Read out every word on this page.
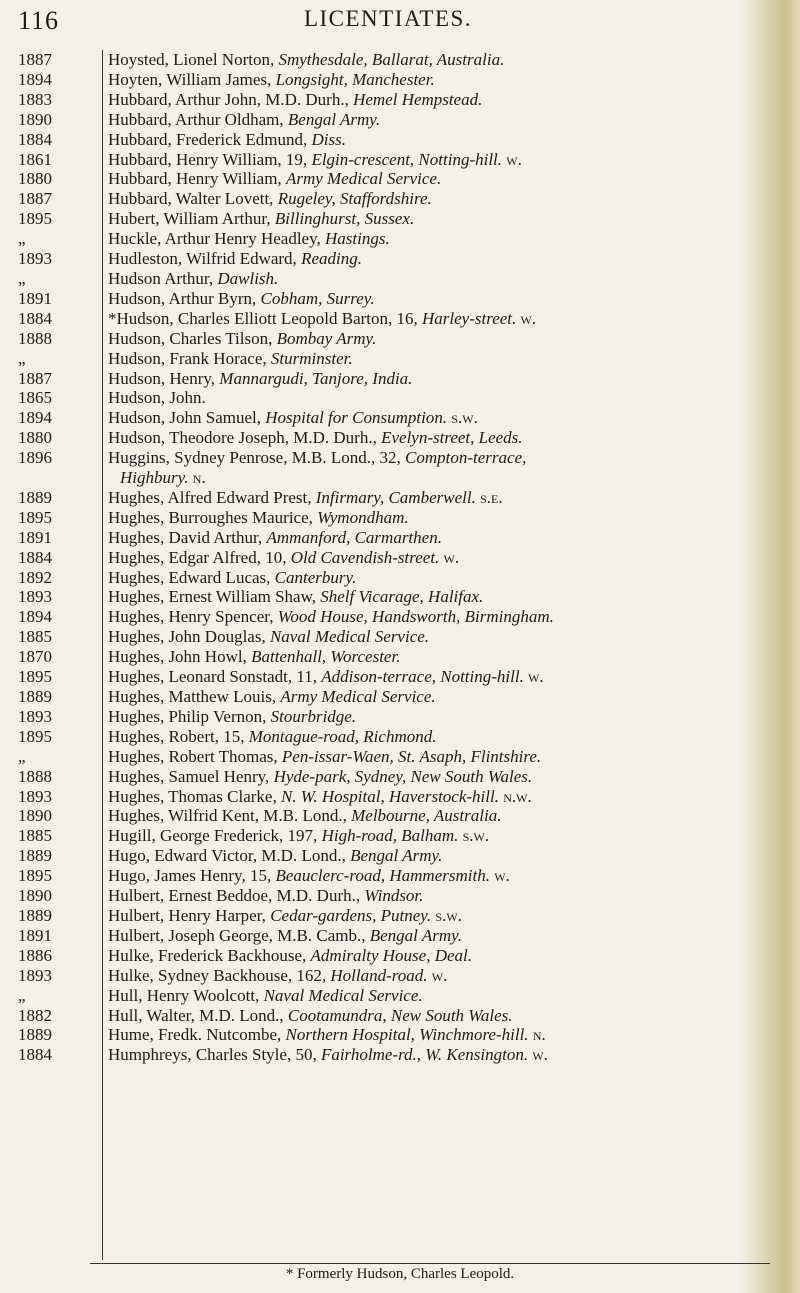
116	LICENTIATES.
1887	Hoysted, Lionel Norton, Smythesdale, Ballarat, Australia.
1894	Hoyten, William James, Longsight, Manchester.
1883	Hubbard, Arthur John, M.D. Durh., Hemel Hempstead.
1890	Hubbard, Arthur Oldham, Bengal Army.
1884	Hubbard, Frederick Edmund, Diss.
1861	Hubbard, Henry William, 19, Elgin-crescent, Notting-hill. w.
1880	Hubbard, Henry William, Army Medical Service.
1887	Hubbard, Walter Lovett, Rugeley, Staffordshire.
1895	Hubert, William Arthur, Billinghurst, Sussex.
„	Huckle, Arthur Henry Headley, Hastings.
1893	Hudleston, Wilfrid Edward, Reading.
„	Hudson Arthur, Dawlish.
1891	Hudson, Arthur Byrn, Cobham, Surrey.
1884	*Hudson, Charles Elliott Leopold Barton, 16, Harley-street. w.
1888	Hudson, Charles Tilson, Bombay Army.
„	Hudson, Frank Horace, Sturminster.
1887	Hudson, Henry, Mannargudi, Tanjore, India.
1865	Hudson, John.
1894	Hudson, John Samuel, Hospital for Consumption. s.w.
1880	Hudson, Theodore Joseph, M.D. Durh., Evelyn-street, Leeds.
1896	Huggins, Sydney Penrose, M.B. Lond., 32, Compton-terrace,
Highbury. n.
1889	Hughes, Alfred Edward Prest, Infirmary, Camberwell. s.e.
1895	Hughes, Burroughes Maurice, Wymondham.
1891	Hughes, David Arthur, Ammanford, Carmarthen.
1884	Hughes, Edgar Alfred, 10, Old Cavendish-street. w.
1892	Hughes, Edward Lucas, Canterbury.
1893	Hughes, Ernest William Shaw, Shelf Vicarage, Halifax.
1894	Hughes, Henry Spencer, Wood House, Handsworth, Birmingham.
1885	Hughes, John Douglas, Naval Medical Service.
1870	Hughes, John Howl, Battenhall, Worcester.
1895	Hughes, Leonard Sonstadt, 11, Addison-terrace, Notting-hill. w.
1889	Hughes, Matthew Louis, Army Medical Service.
1893	Hughes, Philip Vernon, Stourbridge.
1895	Hughes, Robert, 15, Montague-road, Richmond.
„	Hughes, Robert Thomas, Pen-issar-Waen, St. Asaph, Flintshire.
1888	Hughes, Samuel Henry, Hyde-park, Sydney, New South Wales.
1893	Hughes, Thomas Clarke, N. W. Hospital, Haverstock-hill. n.w.
1890	Hughes, Wilfrid Kent, M.B. Lond., Melbourne, Australia.
1885	Hugill, George Frederick, 197, High-road, Balham. s.w.
1889	Hugo, Edward Victor, M.D. Lond., Bengal Army.
1895	Hugo, James Henry, 15, Beauclerc-road, Hammersmith. w.
1890	Hulbert, Ernest Beddoe, M.D. Durh., Windsor.
1889	Hulbert, Henry Harper, Cedar-gardens, Putney. s.w.
1891	Hulbert, Joseph George, M.B. Camb., Bengal Army.
1886	Hulke, Frederick Backhouse, Admiralty House, Deal.
1893	Hulke, Sydney Backhouse, 162, Holland-road. w.
„	Hull, Henry Woolcott, Naval Medical Service.
1882	Hull, Walter, M.D. Lond., Cootamundra, New South Wales.
1889	Hume, Fredk. Nutcombe, Northern Hospital, Winchmore-hill. n.
1884	Humphreys, Charles Style, 50, Fairholme-rd., W. Kensington. w.
* Formerly Hudson, Charles Leopold.
